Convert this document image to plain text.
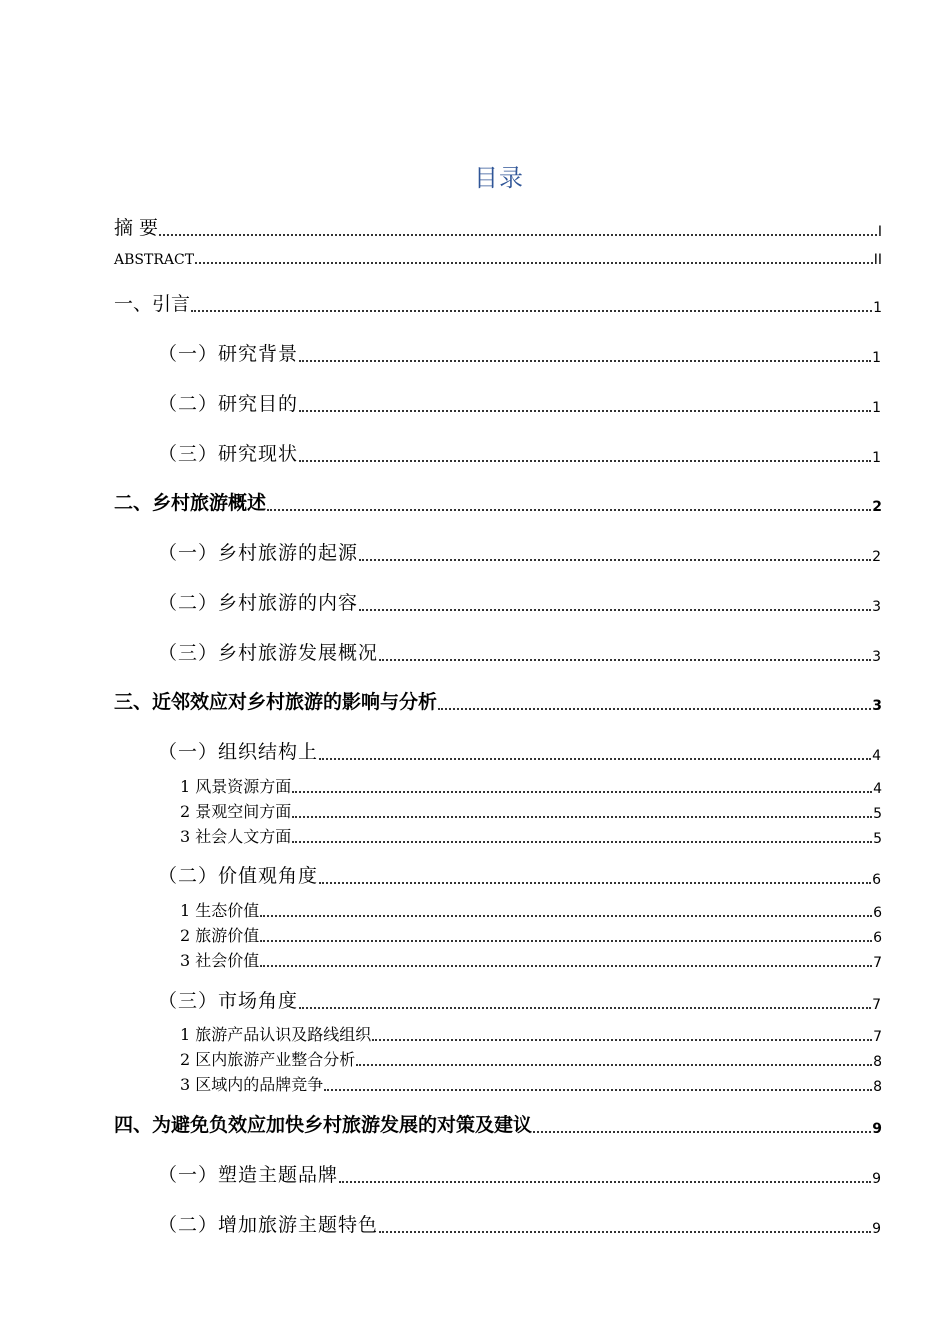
目录
摘 要	I
ABSTRACT	II
一、引言	1
（一）研究背景	1
（二）研究目的	1
（三）研究现状	1
二、乡村旅游概述	2
（一）乡村旅游的起源	2
（二）乡村旅游的内容	3
（三）乡村旅游发展概况	3
三、近邻效应对乡村旅游的影响与分析	3
（一）组织结构上	4
1 风景资源方面	4
2 景观空间方面	5
3 社会人文方面	5
（二）价值观角度	6
1 生态价值	6
2 旅游价值	6
3 社会价值	7
（三）市场角度	7
1 旅游产品认识及路线组织	7
2 区内旅游产业整合分析	8
3 区域内的品牌竞争	8
四、为避免负效应加快乡村旅游发展的对策及建议	9
（一）塑造主题品牌	9
（二）增加旅游主题特色	9
